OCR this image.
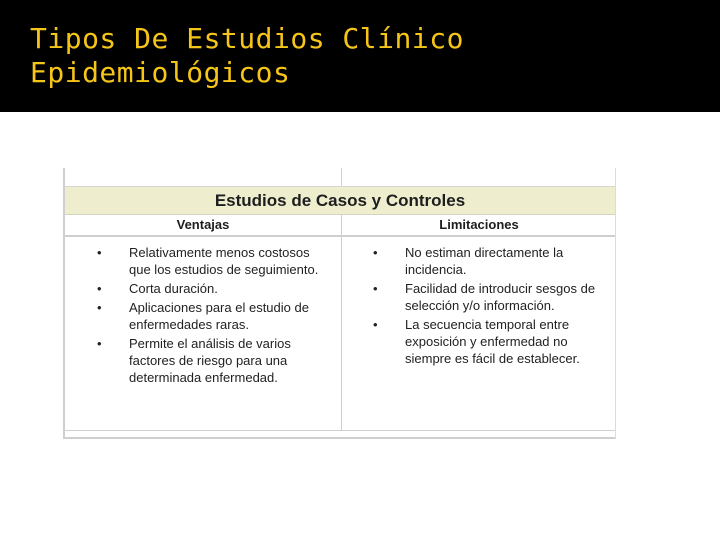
Tipos De Estudios Clínico
Epidemiológicos
Estudios de Casos y Controles
Ventajas	Limitaciones
• Relativamente menos costosos que los estudios de seguimiento.
• Corta duración.
• Aplicaciones para el estudio de enfermedades raras.
• Permite el análisis de varios factores de riesgo para una determinada enfermedad.
• No estiman directamente la incidencia.
• Facilidad de introducir sesgos de selección y/o información.
• La secuencia temporal entre exposición y enfermedad no siempre es fácil de establecer.
